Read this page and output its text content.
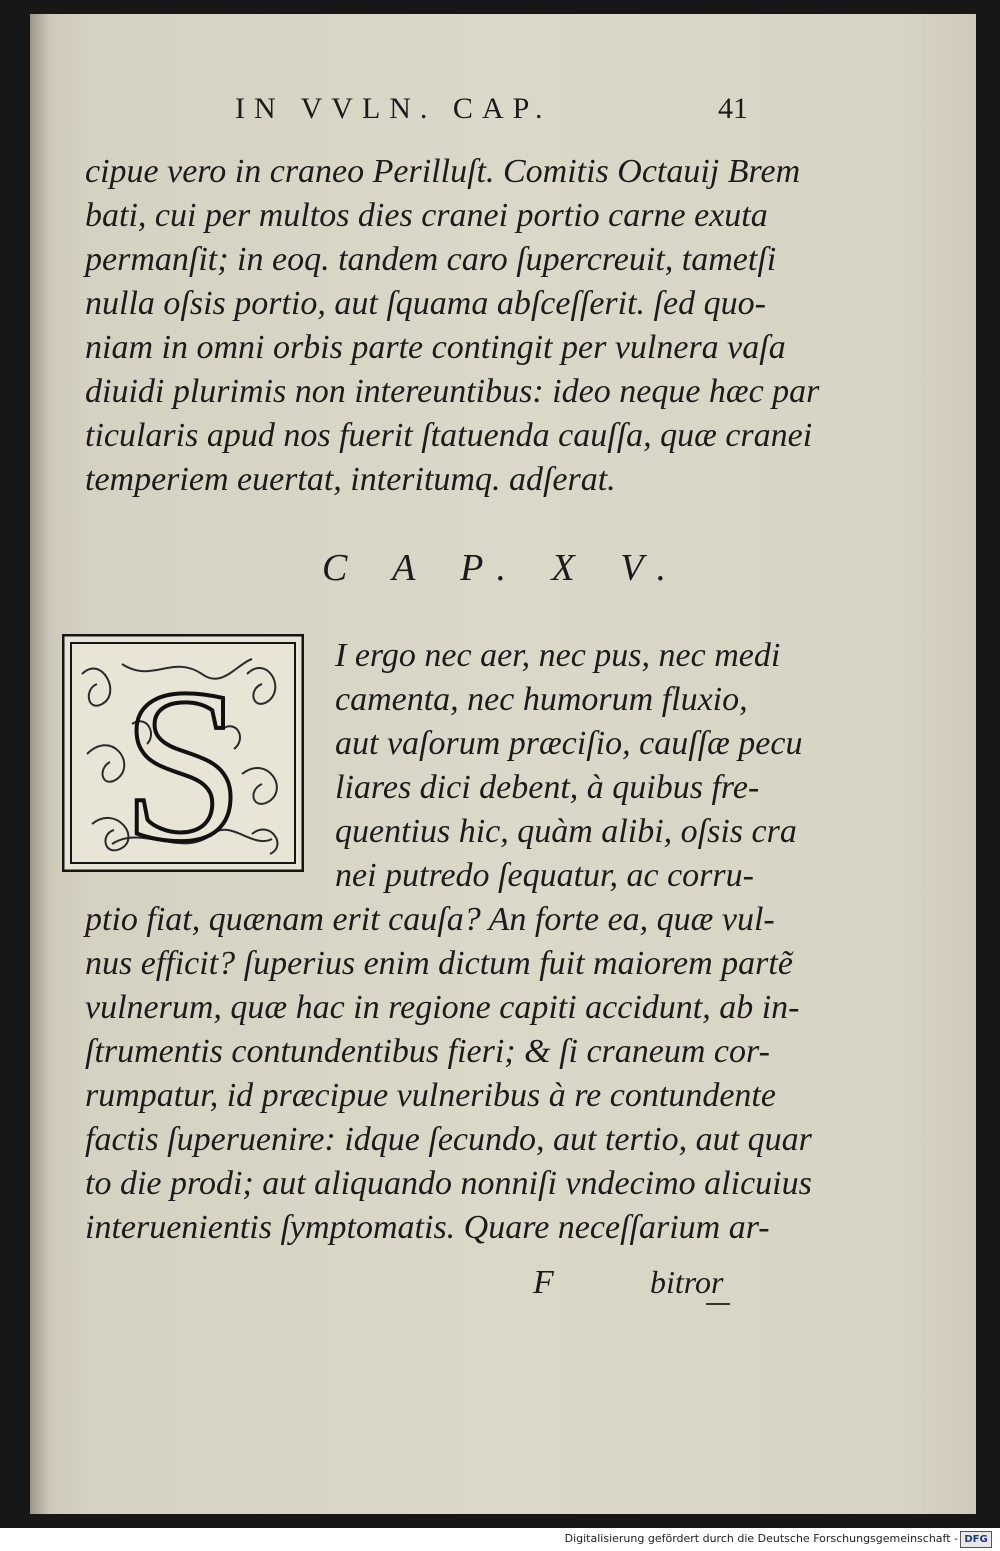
IN VVLN. CAP.	41
cipue vero in craneo Perilluſt. Comitis Octauij Brem
bati, cui per multos dies cranei portio carne exuta
permanſit; in eoq. tandem caro ſupercreuit, tametſi
nulla oſsis portio, aut ſquama abſceſſerit. ſed quo-
niam in omni orbis parte contingit per vulnera vaſa
diuidi plurimis non intereuntibus: ideo neque hæc par
ticularis apud nos fuerit ſtatuenda cauſſa, quæ cranei
temperiem euertat, interitumq. adſerat.
C A P. X V.
S	I ergo nec aer, nec pus, nec medi
camenta, nec humorum fluxio,
aut vaſorum præciſio, cauſſæ pecu
liares dici debent, à quibus fre-
quentius hic, quàm alibi, oſsis cra
nei putredo ſequatur, ac corru-
ptio fiat, quænam erit cauſa? An forte ea, quæ vul-
nus efficit? ſuperius enim dictum fuit maiorem partẽ
vulnerum, quæ hac in regione capiti accidunt, ab in-
ſtrumentis contundentibus fieri; & ſi craneum cor-
rumpatur, id præcipue vulneribus à re contundente
factis ſuperuenire: idque ſecundo, aut tertio, aut quar
to die prodi; aut aliquando nonniſi vndecimo alicuius
interuenientis ſymptomatis. Quare neceſſarium ar-
F	bitror
Digitalisierung gefördert durch die Deutsche Forschungsgemeinschaft - DFG
